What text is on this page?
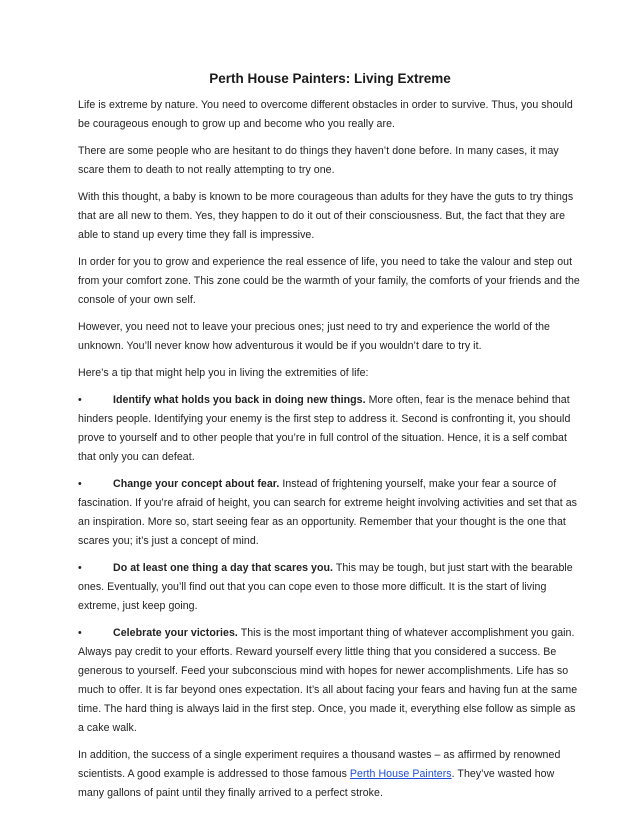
Perth House Painters: Living Extreme

Life is extreme by nature. You need to overcome different obstacles in order to survive. Thus, you should be courageous enough to grow up and become who you really are.

There are some people who are hesitant to do things they haven’t done before. In many cases, it may scare them to death to not really attempting to try one.

With this thought, a baby is known to be more courageous than adults for they have the guts to try things that are all new to them. Yes, they happen to do it out of their consciousness. But, the fact that they are able to stand up every time they fall is impressive.

In order for you to grow and experience the real essence of life, you need to take the valour and step out from your comfort zone. This zone could be the warmth of your family, the comforts of your friends and the console of your own self.

However, you need not to leave your precious ones; just need to try and experience the world of the unknown. You’ll never know how adventurous it would be if you wouldn’t dare to try it.

Here’s a tip that might help you in living the extremities of life:

•	Identify what holds you back in doing new things. More often, fear is the menace behind that hinders people. Identifying your enemy is the first step to address it. Second is confronting it, you should prove to yourself and to other people that you’re in full control of the situation. Hence, it is a self combat that only you can defeat.

•	Change your concept about fear. Instead of frightening yourself, make your fear a source of fascination. If you’re afraid of height, you can search for extreme height involving activities and set that as an inspiration. More so, start seeing fear as an opportunity. Remember that your thought is the one that scares you; it’s just a concept of mind.

•	Do at least one thing a day that scares you. This may be tough, but just start with the bearable ones. Eventually, you’ll find out that you can cope even to those more difficult. It is the start of living extreme, just keep going.

•	Celebrate your victories. This is the most important thing of whatever accomplishment you gain. Always pay credit to your efforts. Reward yourself every little thing that you considered a success. Be generous to yourself. Feed your subconscious mind with hopes for newer accomplishments. Life has so much to offer. It is far beyond ones expectation. It’s all about facing your fears and having fun at the same time. The hard thing is always laid in the first step. Once, you made it, everything else follow as simple as a cake walk.

In addition, the success of a single experiment requires a thousand wastes – as affirmed by renowned scientists. A good example is addressed to those famous Perth House Painters. They’ve wasted how many gallons of paint until they finally arrived to a perfect stroke.
